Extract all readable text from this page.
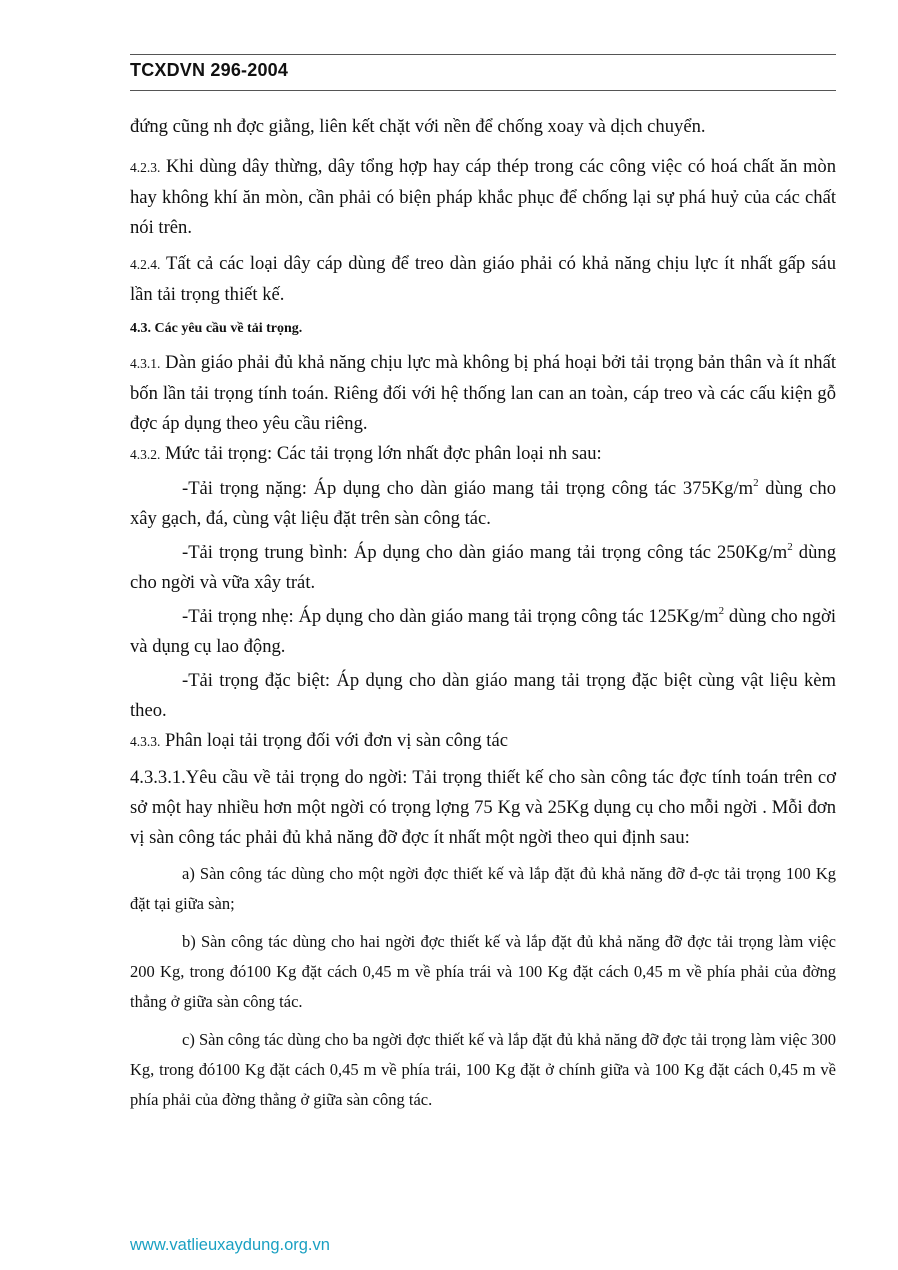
TCXDVN 296-2004

đứng cũng nh đợc giằng, liên kết chặt với nền để chống xoay và dịch chuyển.

4.2.3. Khi dùng dây thừng, dây tổng hợp hay cáp thép trong các công việc có hoá chất ăn mòn hay không khí ăn mòn, cần phải có biện pháp khắc phục để chống lại sự phá huỷ của các chất nói trên.

4.2.4. Tất cả các loại dây cáp dùng để treo dàn giáo phải có khả năng chịu lực ít nhất gấp sáu lần tải trọng thiết kế.

4.3. Các yêu cầu về tải trọng.

4.3.1. Dàn giáo phải đủ khả năng chịu lực mà không bị phá hoại bởi tải trọng bản thân và ít nhất bốn lần tải trọng tính toán. Riêng đối với hệ thống lan can an toàn, cáp treo và các cấu kiện gỗ đợc áp dụng theo yêu cầu riêng.

4.3.2. Mức tải trọng: Các tải trọng lớn nhất đợc phân loại nh sau:

-Tải trọng nặng: Áp dụng cho dàn giáo mang tải trọng công tác $375Kg/m^2$ dùng cho xây gạch, đá, cùng vật liệu đặt trên sàn công tác.

-Tải trọng trung bình: Áp dụng cho dàn giáo mang tải trọng công tác $250Kg/m^2$ dùng cho ngời và vữa xây trát.

-Tải trọng nhẹ: Áp dụng cho dàn giáo mang tải trọng công tác $125Kg/m^2$ dùng cho ngời và dụng cụ lao động.

-Tải trọng đặc biệt: Áp dụng cho dàn giáo mang tải trọng đặc biệt cùng vật liệu kèm theo.

4.3.3. Phân loại tải trọng đối với đơn vị sàn công tác

4.3.3.1.Yêu cầu về tải trọng do ngời: Tải trọng thiết kế cho sàn công tác đợc tính toán trên cơ sở một hay nhiều hơn một ngời có trọng lợng 75 Kg và 25Kg dụng cụ cho mỗi ngời . Mỗi đơn vị sàn công tác phải đủ khả năng đỡ đợc ít nhất một ngời theo qui định sau:

a) Sàn công tác dùng cho một ngời đợc thiết kế và lắp đặt đủ khả năng đỡ đ-ợc tải trọng 100 Kg đặt tại giữa sàn;

b) Sàn công tác dùng cho hai ngời đợc thiết kế và lắp đặt đủ khả năng đỡ đợc tải trọng làm việc 200 Kg, trong đó100 Kg đặt cách 0,45 m về phía trái và 100 Kg đặt cách 0,45 m về phía phải của đờng thẳng ở giữa sàn công tác.

c) Sàn công tác dùng cho ba ngời đợc thiết kế và lắp đặt đủ khả năng đỡ đợc tải trọng làm việc 300 Kg, trong đó100 Kg đặt cách 0,45 m về phía trái, 100 Kg đặt ở chính giữa và 100 Kg đặt cách 0,45 m về phía phải của đờng thẳng ở giữa sàn công tác.

www.vatlieuxaydung.org.vn
